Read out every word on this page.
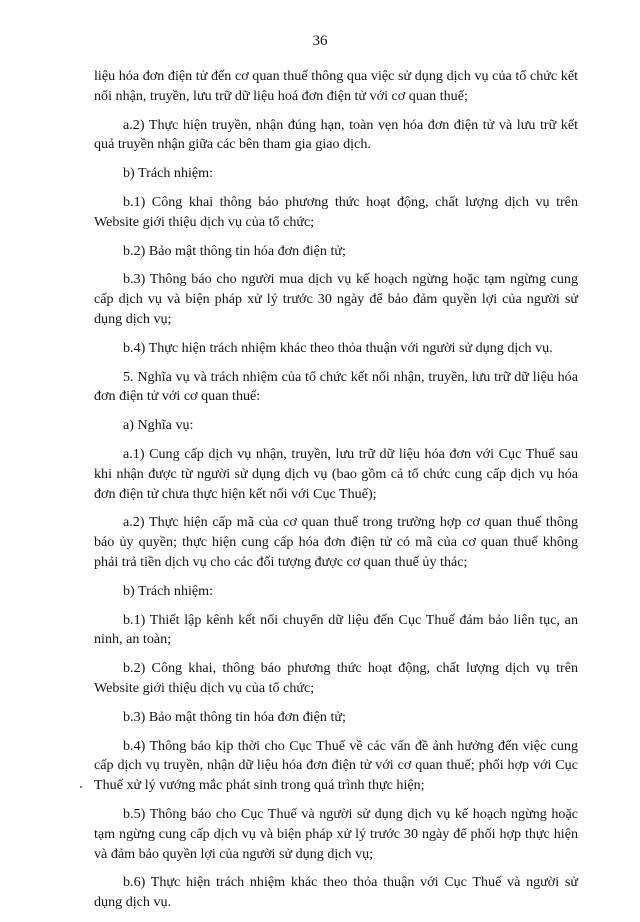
36

liệu hóa đơn điện tử đến cơ quan thuế thông qua việc sử dụng dịch vụ của tổ chức kết nối nhận, truyền, lưu trữ dữ liệu hoá đơn điện tử với cơ quan thuế;

a.2) Thực hiện truyền, nhận đúng hạn, toàn vẹn hóa đơn điện tử và lưu trữ kết quả truyền nhận giữa các bên tham gia giao dịch.

b) Trách nhiệm:

b.1) Công khai thông báo phương thức hoạt động, chất lượng dịch vụ trên Website giới thiệu dịch vụ của tổ chức;

b.2) Bảo mật thông tin hóa đơn điện tử;

b.3) Thông báo cho người mua dịch vụ kế hoạch ngừng hoặc tạm ngừng cung cấp dịch vụ và biện pháp xử lý trước 30 ngày để bảo đảm quyền lợi của người sử dụng dịch vụ;

b.4) Thực hiện trách nhiệm khác theo thỏa thuận với người sử dụng dịch vụ.

5. Nghĩa vụ và trách nhiệm của tổ chức kết nối nhận, truyền, lưu trữ dữ liệu hóa đơn điện tử với cơ quan thuế:

a) Nghĩa vụ:

a.1) Cung cấp dịch vụ nhận, truyền, lưu trữ dữ liệu hóa đơn với Cục Thuế sau khi nhận được từ người sử dụng dịch vụ (bao gồm cả tổ chức cung cấp dịch vụ hóa đơn điện tử chưa thực hiện kết nối với Cục Thuế);

a.2) Thực hiện cấp mã của cơ quan thuế trong trường hợp cơ quan thuế thông báo ủy quyền; thực hiện cung cấp hóa đơn điện tử có mã của cơ quan thuế không phải trả tiền dịch vụ cho các đối tượng được cơ quan thuế ủy thác;

b) Trách nhiệm:

b.1) Thiết lập kênh kết nối chuyển dữ liệu đến Cục Thuế đảm bảo liên tục, an ninh, an toàn;

b.2) Công khai, thông báo phương thức hoạt động, chất lượng dịch vụ trên Website giới thiệu dịch vụ của tổ chức;

b.3) Bảo mật thông tin hóa đơn điện tử;

b.4) Thông báo kịp thời cho Cục Thuế về các vấn đề ảnh hưởng đến việc cung cấp dịch vụ truyền, nhận dữ liệu hóa đơn điện tử với cơ quan thuế; phối hợp với Cục Thuế xử lý vướng mắc phát sinh trong quá trình thực hiện;

b.5) Thông báo cho Cục Thuế và người sử dụng dịch vụ kế hoạch ngừng hoặc tạm ngừng cung cấp dịch vụ và biện pháp xử lý trước 30 ngày để phối hợp thực hiện và đảm bảo quyền lợi của người sử dụng dịch vụ;

b.6) Thực hiện trách nhiệm khác theo thỏa thuận với Cục Thuế và người sử dụng dịch vụ.
